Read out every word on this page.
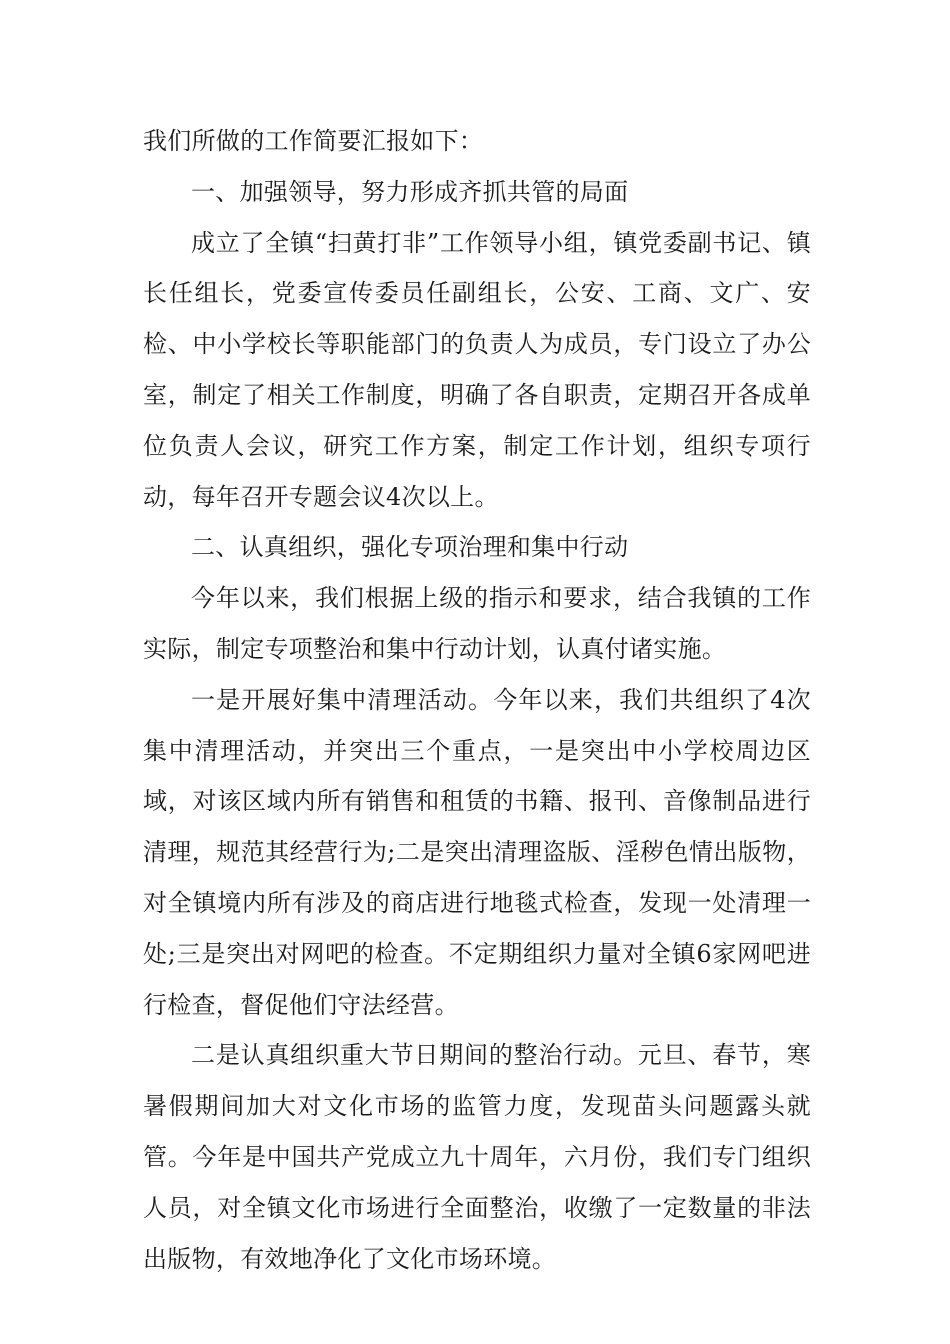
我们所做的工作简要汇报如下：

一、加强领导，努力形成齐抓共管的局面

成立了全镇“扫黄打非”工作领导小组，镇党委副书记、镇长任组长，党委宣传委员任副组长，公安、工商、文广、安检、中小学校长等职能部门的负责人为成员，专门设立了办公室，制定了相关工作制度，明确了各自职责，定期召开各成单位负责人会议，研究工作方案，制定工作计划，组织专项行动，每年召开专题会议4次以上。

二、认真组织，强化专项治理和集中行动

今年以来，我们根据上级的指示和要求，结合我镇的工作实际，制定专项整治和集中行动计划，认真付诸实施。

一是开展好集中清理活动。今年以来，我们共组织了4次集中清理活动，并突出三个重点，一是突出中小学校周边区域，对该区域内所有销售和租赁的书籍、报刊、音像制品进行清理，规范其经营行为;二是突出清理盗版、淫秽色情出版物，对全镇境内所有涉及的商店进行地毯式检查，发现一处清理一处;三是突出对网吧的检查。不定期组织力量对全镇6家网吧进行检查，督促他们守法经营。

二是认真组织重大节日期间的整治行动。元旦、春节，寒暑假期间加大对文化市场的监管力度，发现苗头问题露头就管。今年是中国共产党成立九十周年，六月份，我们专门组织人员，对全镇文化市场进行全面整治，收缴了一定数量的非法出版物，有效地净化了文化市场环境。
